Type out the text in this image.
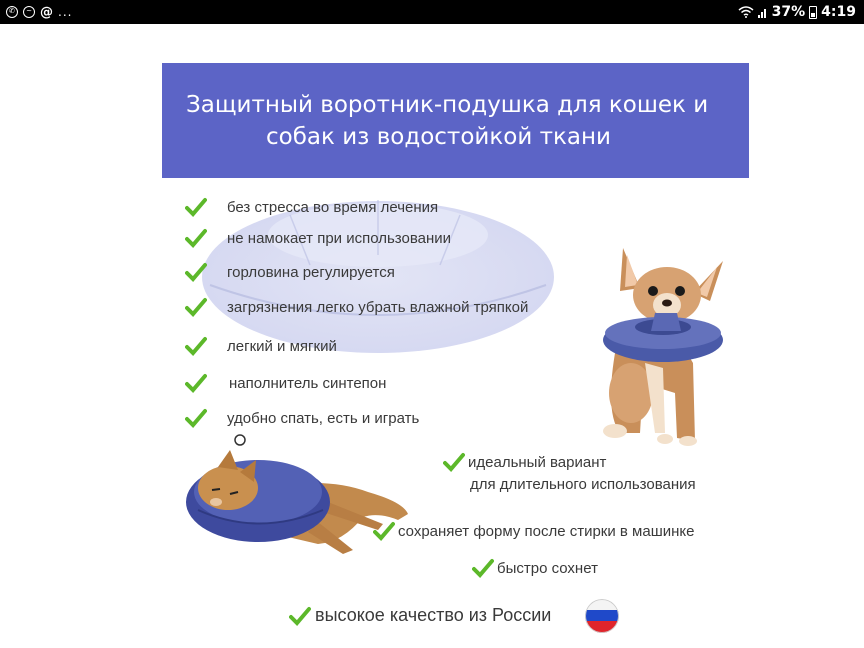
✆	~ @ ...	37% 4:19
Защитный воротник-подушка для кошек и
собак из водостойкой ткани
без стресса во время лечения
не намокает при использовании
горловина регулируется
загрязнения легко убрать влажной тряпкой
легкий и мягкий
наполнитель синтепон
удобно спать, есть и играть
идеальный вариант
для длительного использования
сохраняет форму после стирки в машинке
быстро сохнет
высокое качество из России
